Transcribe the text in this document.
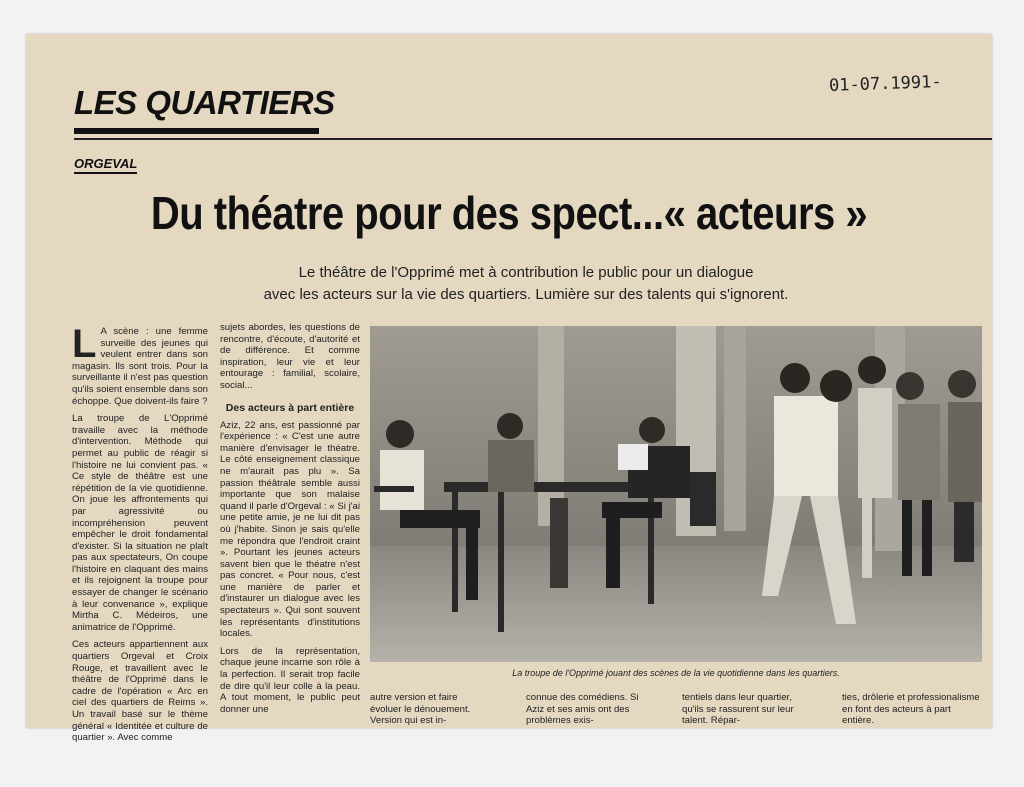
01-07.1991-
LES QUARTIERS
ORGEVAL
Du théatre pour des spect...« acteurs »
Le théâtre de l'Opprimé met à contribution le public pour un dialogue
avec les acteurs sur la vie des quartiers. Lumière sur des talents qui s'ignorent.

L A scène : une femme surveille des jeunes qui veulent entrer dans son magasin. Ils sont trois. Pour la surveillante il n'est pas question qu'ils soient ensemble dans son échoppe. Que doivent-ils faire ?

La troupe de L'Opprimé travaille avec la méthode d'intervention. Méthode qui permet au public de réagir si l'histoire ne lui convient pas. « Ce style de théâtre est une répétition de la vie quotidienne. On joue les affrontements qui par agressivité ou incompréhension peuvent empêcher le droit fondamental d'exister. Si la situation ne plaît pas aux spectateurs, On coupe l'histoire en claquant des mains et ils rejoignent la troupe pour essayer de changer le scénario à leur convenance », explique Mirtha C. Médeiros, une animatrice de l'Opprimé.

Ces acteurs appartiennent aux quartiers Orgeval et Croix Rouge, et travaillent avec le théâtre de l'Opprimé dans le cadre de l'opération « Arc en ciel des quartiers de Reims ». Un travail basé sur le thème général « Identitée et culture de quartier ». Avec comme

sujets abordes, les questions de rencontre, d'écoute, d'autorité et de différence. Et comme inspiration, leur vie et leur entourage : familial, scolaire, social...

Des acteurs à part entière

Aziz, 22 ans, est passionné par l'expérience : « C'est une autre manière d'envisager le théatre. Le côté enseignement classique ne m'aurait pas plu ». Sa passion théâtrale semble aussi importante que son malaise quand il parle d'Orgeval : « Si j'ai une petite amie, je ne lui dit pas où j'habite. Sinon je sais qu'elle me répondra que l'endroit craint ». Pourtant les jeunes acteurs savent bien que le théatre n'est pas concret. « Pour nous, c'est une manière de parler et d'instaurer un dialogue avec les spectateurs ». Qui sont souvent les représentants d'institutions locales.

Lors de la représentation, chaque jeune incarne son rôle à la perfection. Il serait trop facile de dire qu'il leur colle à la peau. A tout moment, le public peut donner une

La troupe de l'Opprimé jouant des scènes de la vie quotidienne dans les quartiers.
autre version et faire évoluer le dénouement. Version qui est in-
connue des comédiens. Si Aziz et ses amis ont des problèmes exis-
tentiels dans leur quartier, qu'ils se rassurent sur leur talent. Répar-
ties, drôlerie et professionalisme en font des acteurs à part entière.
